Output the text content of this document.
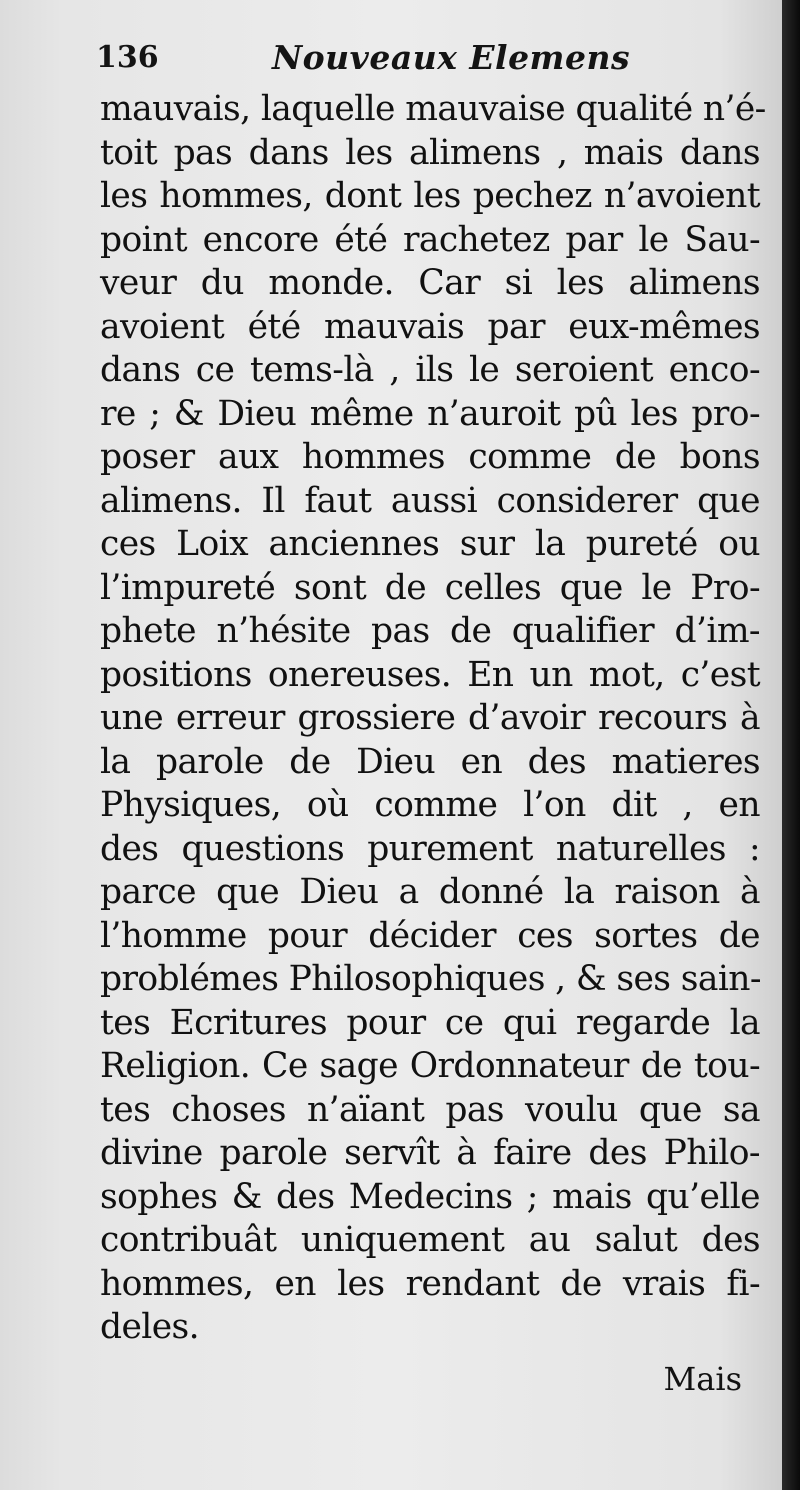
136	Nouveaux Elemens
mauvais, laquelle mauvaise qualité n’é-
toit pas dans les alimens , mais dans
les hommes, dont les pechez n’avoient
point encore été rachetez par le Sau-
veur du monde. Car si les alimens
avoient été mauvais par eux-mêmes
dans ce tems-là , ils le seroient enco-
re ; & Dieu même n’auroit pû les pro-
poser aux hommes comme de bons
alimens. Il faut aussi considerer que
ces Loix anciennes sur la pureté ou
l’impureté sont de celles que le Pro-
phete n’hésite pas de qualifier d’im-
positions onereuses. En un mot, c’est
une erreur grossiere d’avoir recours à
la parole de Dieu en des matieres
Physiques, où comme l’on dit , en
des questions purement naturelles :
parce que Dieu a donné la raison à
l’homme pour décider ces sortes de
problémes Philosophiques , & ses sain-
tes Ecritures pour ce qui regarde la
Religion. Ce sage Ordonnateur de tou-
tes choses n’aïant pas voulu que sa
divine parole servît à faire des Philo-
sophes & des Medecins ; mais qu’elle
contribuât uniquement au salut des
hommes, en les rendant de vrais fi-
deles.
Mais
